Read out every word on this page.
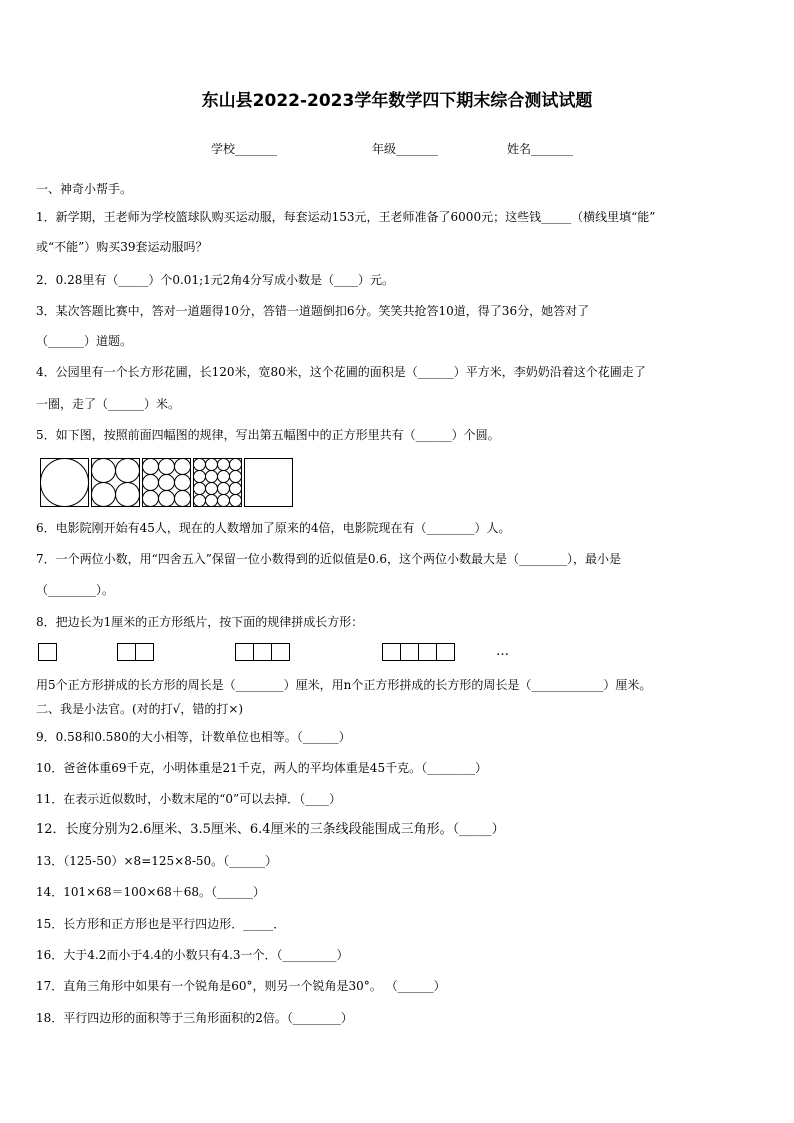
东山县2022-2023学年数学四下期末综合测试试题
学校_______	年级_______	姓名_______
一、神奇小帮手。
1．新学期，王老师为学校篮球队购买运动服，每套运动153元，王老师准备了6000元；这些钱_____（横线里填“能”
或“不能”）购买39套运动服吗？
2．0.28里有（_____）个0.01;1元2角4分写成小数是（____）元。
3．某次答题比赛中，答对一道题得10分，答错一道题倒扣6分。笑笑共抢答10道，得了36分，她答对了
（______）道题。
4．公园里有一个长方形花圃，长120米，宽80米，这个花圃的面积是（______）平方米，李奶奶沿着这个花圃走了
一圈，走了（______）米。
5．如下图，按照前面四幅图的规律，写出第五幅图中的正方形里共有（______）个圆。
6．电影院刚开始有45人，现在的人数增加了原来的4倍，电影院现在有（________）人。
7．一个两位小数，用“四舍五入”保留一位小数得到的近似值是0.6，这个两位小数最大是（________），最小是
（________）。
8．把边长为1厘米的正方形纸片，按下面的规律拼成长方形：
…
用5个正方形拼成的长方形的周长是（________）厘米，用n个正方形拼成的长方形的周长是（____________）厘米。
二、我是小法官。(对的打√，错的打×)
9．0.58和0.580的大小相等，计数单位也相等。（______）
10．爸爸体重69千克，小明体重是21千克，两人的平均体重是45千克。（________）
11．在表示近似数时，小数末尾的“0”可以去掉．（____）
12．长度分别为2.6厘米、3.5厘米、6.4厘米的三条线段能围成三角形。（_____）
13．（125-50）×8=125×8-50。（______）
14．101×68＝100×68＋68。（______）
15．长方形和正方形也是平行四边形．_____．
16．大于4.2而小于4.4的小数只有4.3一个．（_________）
17．直角三角形中如果有一个锐角是60°，则另一个锐角是30°。 （______）
18．平行四边形的面积等于三角形面积的2倍。（________）
